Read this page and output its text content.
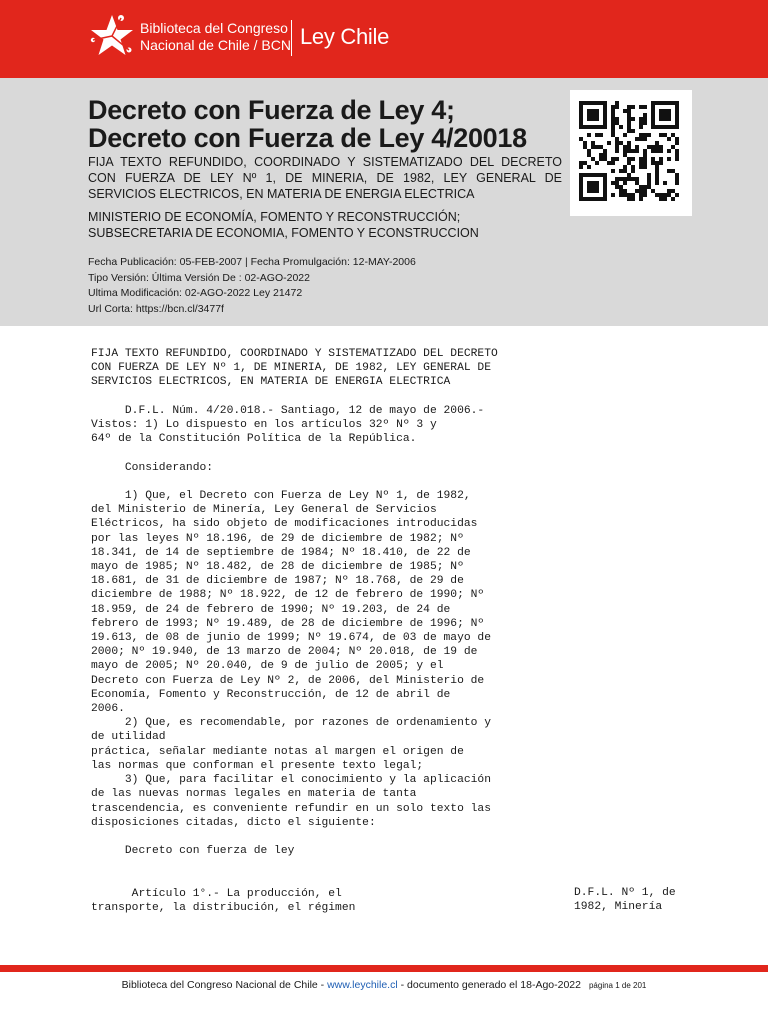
Biblioteca del Congreso
Nacional de Chile / BCN Ley Chile
Decreto con Fuerza de Ley 4; Decreto con Fuerza de Ley 4/20018
FIJA TEXTO REFUNDIDO, COORDINADO Y SISTEMATIZADO DEL DECRETO CON FUERZA DE LEY Nº 1, DE MINERIA, DE 1982, LEY GENERAL DE SERVICIOS ELECTRICOS, EN MATERIA DE ENERGIA ELECTRICA
MINISTERIO DE ECONOMÍA, FOMENTO Y RECONSTRUCCIÓN;
SUBSECRETARIA DE ECONOMIA, FOMENTO Y ECONSTRUCCION
Fecha Publicación: 05-FEB-2007 | Fecha Promulgación: 12-MAY-2006
Tipo Versión: Última Versión De : 02-AGO-2022
Ultima Modificación: 02-AGO-2022 Ley 21472
Url Corta: https://bcn.cl/3477f
FIJA TEXTO REFUNDIDO, COORDINADO Y SISTEMATIZADO DEL DECRETO
CON FUERZA DE LEY Nº 1, DE MINERIA, DE 1982, LEY GENERAL DE
SERVICIOS ELECTRICOS, EN MATERIA DE ENERGIA ELECTRICA

D.F.L. Núm. 4/20.018.- Santiago, 12 de mayo de 2006.-
Vistos: 1) Lo dispuesto en los artículos 32º Nº 3 y
64º de la Constitución Política de la República.

Considerando:

1) Que, el Decreto con Fuerza de Ley Nº 1, de 1982,
del Ministerio de Minería, Ley General de Servicios
Eléctricos, ha sido objeto de modificaciones introducidas
por las leyes Nº 18.196, de 29 de diciembre de 1982; Nº
18.341, de 14 de septiembre de 1984; Nº 18.410, de 22 de
mayo de 1985; Nº 18.482, de 28 de diciembre de 1985; Nº
18.681, de 31 de diciembre de 1987; Nº 18.768, de 29 de
diciembre de 1988; Nº 18.922, de 12 de febrero de 1990; Nº
18.959, de 24 de febrero de 1990; Nº 19.203, de 24 de
febrero de 1993; Nº 19.489, de 28 de diciembre de 1996; Nº
19.613, de 08 de junio de 1999; Nº 19.674, de 03 de mayo de
2000; Nº 19.940, de 13 marzo de 2004; Nº 20.018, de 19 de
mayo de 2005; Nº 20.040, de 9 de julio de 2005; y el
Decreto con Fuerza de Ley Nº 2, de 2006, del Ministerio de
Economía, Fomento y Reconstrucción, de 12 de abril de
2006.
2) Que, es recomendable, por razones de ordenamiento y
de utilidad
práctica, señalar mediante notas al margen el origen de
las normas que conforman el presente texto legal;
3) Que, para facilitar el conocimiento y la aplicación
de las nuevas normas legales en materia de tanta
trascendencia, es conveniente refundir en un solo texto las
disposiciones citadas, dicto el siguiente:

Decreto con fuerza de ley

Artículo 1°.- La producción, el
transporte, la distribución, el régimen
D.F.L. Nº 1, de
1982, Minería
Biblioteca del Congreso Nacional de Chile - www.leychile.cl - documento generado el 18-Ago-2022 página 1 de 201
